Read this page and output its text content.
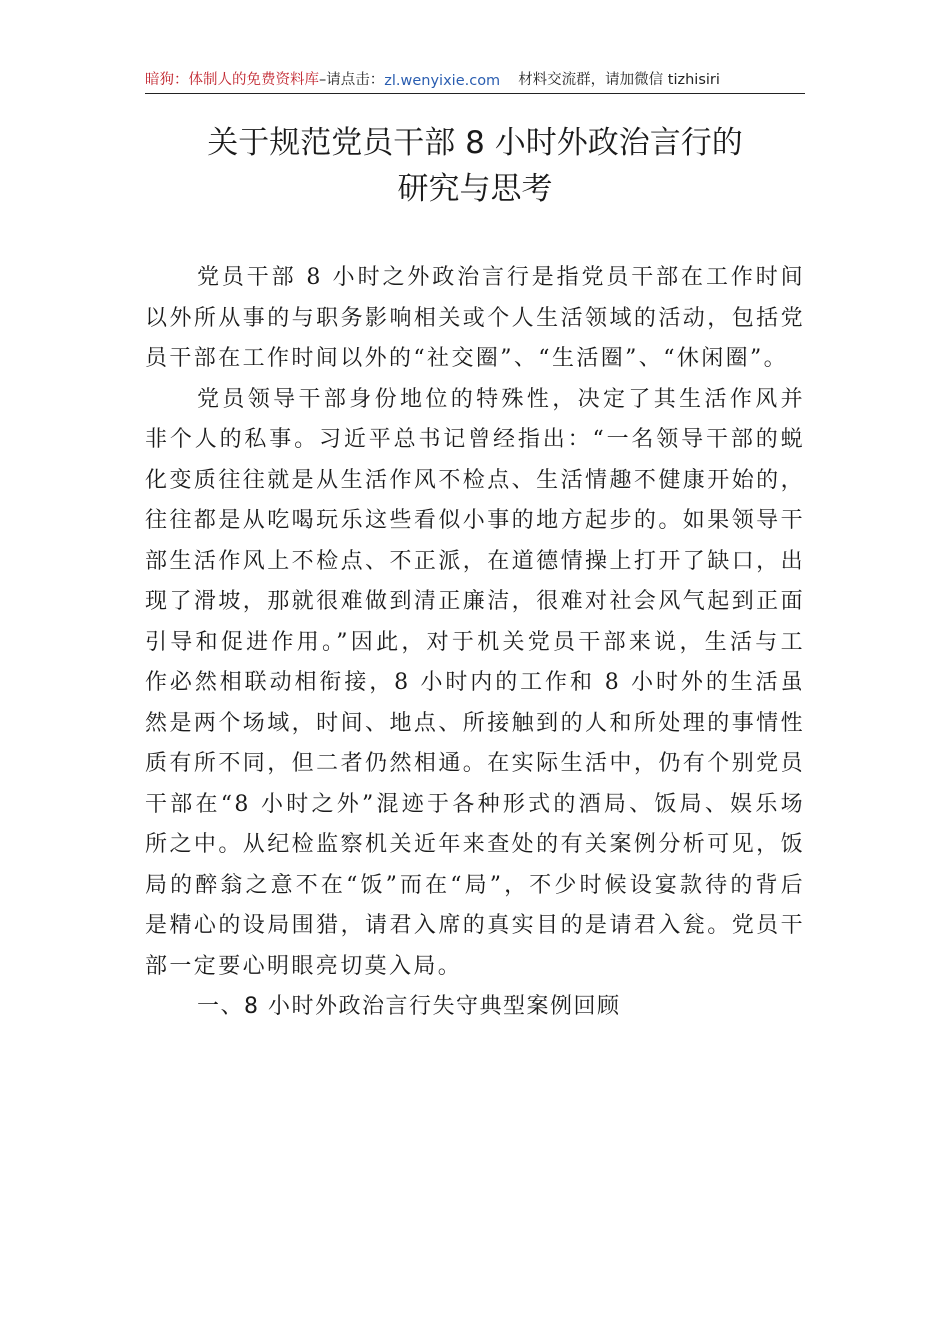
暗狗：体制人的免费资料库 –请点击： zl.wenyixie.com 材料交流群，请加微信 tizhisiri
关于规范党员干部 8 小时外政治言行的
研究与思考

党员干部 8 小时之外政治言行是指党员干部在工作时间以外所从事的与职务影响相关或个人生活领域的活动，包括党员干部在工作时间以外的“社交圈”、“生活圈”、“休闲圈”。

党员领导干部身份地位的特殊性，决定了其生活作风并非个人的私事。习近平总书记曾经指出：“一名领导干部的蜕化变质往往就是从生活作风不检点、生活情趣不健康开始的，往往都是从吃喝玩乐这些看似小事的地方起步的。如果领导干部生活作风上不检点、不正派，在道德情操上打开了缺口，出现了滑坡，那就很难做到清正廉洁，很难对社会风气起到正面引导和促进作用。”因此，对于机关党员干部来说，生活与工作必然相联动相衔接，8 小时内的工作和 8 小时外的生活虽然是两个场域，时间、地点、所接触到的人和所处理的事情性质有所不同，但二者仍然相通。在实际生活中，仍有个别党员干部在“8 小时之外”混迹于各种形式的酒局、饭局、娱乐场所之中。从纪检监察机关近年来查处的有关案例分析可见，饭局的醉翁之意不在“饭”而在“局”，不少时候设宴款待的背后是精心的设局围猎，请君入席的真实目的是请君入瓮。党员干部一定要心明眼亮切莫入局。

一、8 小时外政治言行失守典型案例回顾
